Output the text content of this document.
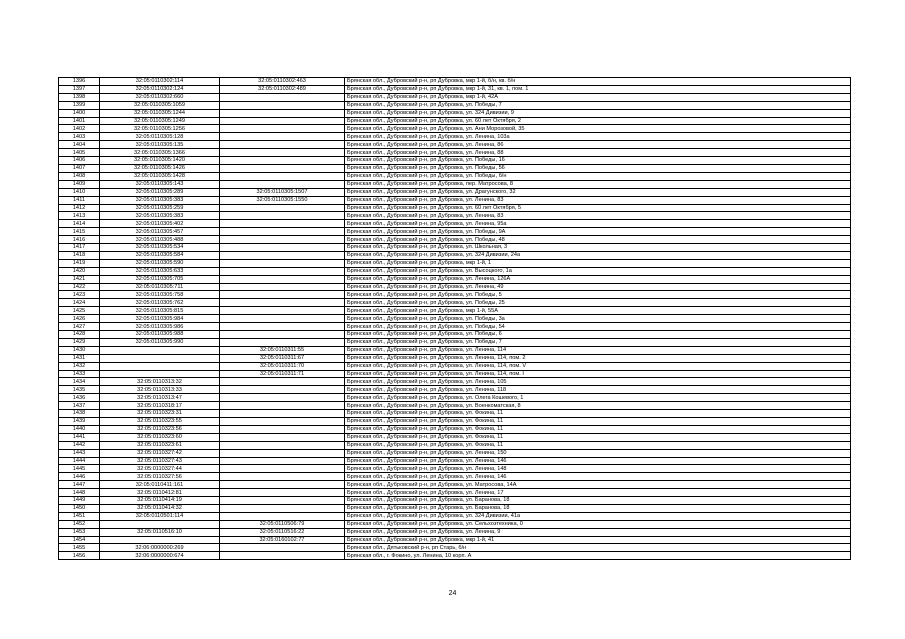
1396	32:05:0110302:114	32:05:0110302:463	Брянская обл., Дубровский р-н, рп Дубровка, мкр 1-й, б/н, кв. б/н
1397	32:05:0110302:124	32:05:0110302:489	Брянская обл., Дубровский р-н, рп Дубровка, мкр 1-й, 31, кв. 1, пом. 1
1398	32:05:0110302:660		Брянская обл., Дубровский р-н, рп Дубровка, мкр 1-й, 42А
1399	32:05:0110305:1059		Брянская обл., Дубровский р-н, рп Дубровка, ул. Победы, 7
1400	32:05:0110305:1244		Брянская обл., Дубровский р-н, рп Дубровка, ул. 324 Дивизии, 9
1401	32:05:0110305:1249		Брянская обл., Дубровский р-н, рп Дубровка, ул. 60 лет Октября, 2
1402	32:05:0110305:1256		Брянская обл., Дубровский р-н, рп Дубровка, ул. Ани Морозовой, 35
1403	32:05:0110305:128		Брянская обл., Дубровский р-н, рп Дубровка, ул. Ленина, 103а
1404	32:05:0110305:135		Брянская обл., Дубровский р-н, рп Дубровка, ул. Ленина, 86
1405	32:05:0110305:1366		Брянская обл., Дубровский р-н, рп Дубровка, ул. Ленина, 88
1406	32:05:0110305:1420		Брянская обл., Дубровский р-н, рп Дубровка, ул. Победы, 16
1407	32:05:0110305:1426		Брянская обл., Дубровский р-н, рп Дубровка, ул. Победы, 56
1408	32:05:0110305:1428		Брянская обл., Дубровский р-н, рп Дубровка, ул. Победы, б/н
1409	32:05:0110305:143		Брянская обл., Дубровский р-н, рп Дубровка, пер. Матросова, 8
1410	32:05:0110305:289	32:05:0110305:1507	Брянская обл., Дубровский р-н, рп Дубровка, ул. Драгунского, 32
1411	32:05:0110305:383	32:05:0110305:1550	Брянская обл., Дубровский р-н, рп Дубровка, ул. Ленина, 83
1412	32:05:0110305:259		Брянская обл., Дубровский р-н, рп Дубровка, ул. 60 лет Октября, 5
1413	32:05:0110305:383		Брянская обл., Дубровский р-н, рп Дубровка, ул. Ленина, 83
1414	32:05:0110305:402		Брянская обл., Дубровский р-н, рп Дубровка, ул. Ленина, 95а
1415	32:05:0110305:457		Брянская обл., Дубровский р-н, рп Дубровка, ул. Победы, 9А
1416	32:05:0110305:488		Брянская обл., Дубровский р-н, рп Дубровка, ул. Победы, 48
1417	32:05:0110305:534		Брянская обл., Дубровский р-н, рп Дубровка, ул. Школьная, 3
1418	32:05:0110305:584		Брянская обл., Дубровский р-н, рп Дубровка, ул. 324 Дивизии, 24а
1419	32:05:0110305:590		Брянская обл., Дубровский р-н, рп Дубровка, мкр 1-й, 1
1420	32:05:0110305:633		Брянская обл., Дубровский р-н, рп Дубровка, ул. Высоцкого, 1а
1421	32:05:0110305:705		Брянская обл., Дубровский р-н, рп Дубровка, ул. Ленина, 126А
1422	32:05:0110305:711		Брянская обл., Дубровский р-н, рп Дубровка, ул. Ленина, 49
1423	32:05:0110305:758		Брянская обл., Дубровский р-н, рп Дубровка, ул. Победы, 5
1424	32:05:0110305:762		Брянская обл., Дубровский р-н, рп Дубровка, ул. Победы, 25
1425	32:05:0110305:815		Брянская обл., Дубровский р-н, рп Дубровка, мкр 1-й, 55А
1426	32:05:0110305:984		Брянская обл., Дубровский р-н, рп Дубровка, ул. Победы, 3а
1427	32:05:0110305:986		Брянская обл., Дубровский р-н, рп Дубровка, ул. Победы, 54
1428	32:05:0110305:988		Брянская обл., Дубровский р-н, рп Дубровка, ул. Победы, 6
1429	32:05:0110305:990		Брянская обл., Дубровский р-н, рп Дубровка, ул. Победы, 7
1430		32:05:0110311:55	Брянская обл., Дубровский р-н, рп Дубровка, ул. Ленина, 114
1431		32:05:0110311:67	Брянская обл., Дубровский р-н, рп Дубровка, ул. Ленина, 114, пом. 2
1432		32:05:0110311:70	Брянская обл., Дубровский р-н, рп Дубровка, ул. Ленина, 114, пом. V
1433		32:05:0110311:71	Брянская обл., Дубровский р-н, рп Дубровка, ул. Ленина, 114, пом. I
1434	32:05:0110313:32		Брянская обл., Дубровский р-н, рп Дубровка, ул. Ленина, 105
1435	32:05:0110313:33		Брянская обл., Дубровский р-н, рп Дубровка, ул. Ленина, 118
1436	32:05:0110313:47		Брянская обл., Дубровский р-н, рп Дубровка, ул. Олега Кошевого, 1
1437	32:05:0110318:17		Брянская обл., Дубровский р-н, рп Дубровка, ул. Военкоматская, 8
1438	32:05:0110323:31		Брянская обл., Дубровский р-н, рп Дубровка, ул. Фокина, 11
1439	32:05:0110323:55		Брянская обл., Дубровский р-н, рп Дубровка, ул. Фокина, 11
1440	32:05:0110323:56		Брянская обл., Дубровский р-н, рп Дубровка, ул. Фокина, 11
1441	32:05:0110323:60		Брянская обл., Дубровский р-н, рп Дубровка, ул. Фокина, 11
1442	32:05:0110323:61		Брянская обл., Дубровский р-н, рп Дубровка, ул. Фокина, 11
1443	32:05:0110327:42		Брянская обл., Дубровский р-н, рп Дубровка, ул. Ленина, 150
1444	32:05:0110327:43		Брянская обл., Дубровский р-н, рп Дубровка, ул. Ленина, 146
1445	32:05:0110327:44		Брянская обл., Дубровский р-н, рп Дубровка, ул. Ленина, 148
1446	32:05:0110327:56		Брянская обл., Дубровский р-н, рп Дубровка, ул. Ленина, 146
1447	32:05:0110411:161		Брянская обл., Дубровский р-н, рп Дубровка, ул. Матросова, 14А
1448	32:05:0110412:81		Брянская обл., Дубровский р-н, рп Дубровка, ул. Ленина, 17
1449	32:05:0110414:19		Брянская обл., Дубровский р-н, рп Дубровка, ул. Баранова, 18
1450	32:05:0110414:32		Брянская обл., Дубровский р-н, рп Дубровка, ул. Баранова, 18
1451	32:05:0110501:114		Брянская обл., Дубровский р-н, рп Дубровка, ул. 324 Дивизии, 41а
1452		32:05:0110506:79	Брянская обл., Дубровский р-н, рп Дубровка, ул. Сельхозтехника, 0
1453	32:05:0110516:10	32:05:0110516:22	Брянская обл., Дубровский р-н, рп Дубровка, ул. Ленина, 9
1454		32:05:0160102:77	Брянская обл., Дубровский р-н, рп Дубровка, мкр 1-й, 41
1455	32:06:0000000:269		Брянская обл., Дятьковский р-н, рп Старь, б/н
1456	32:06:0000000:674		Брянская обл., г. Фокино, ул. Ленина, 10 корп. А
24
